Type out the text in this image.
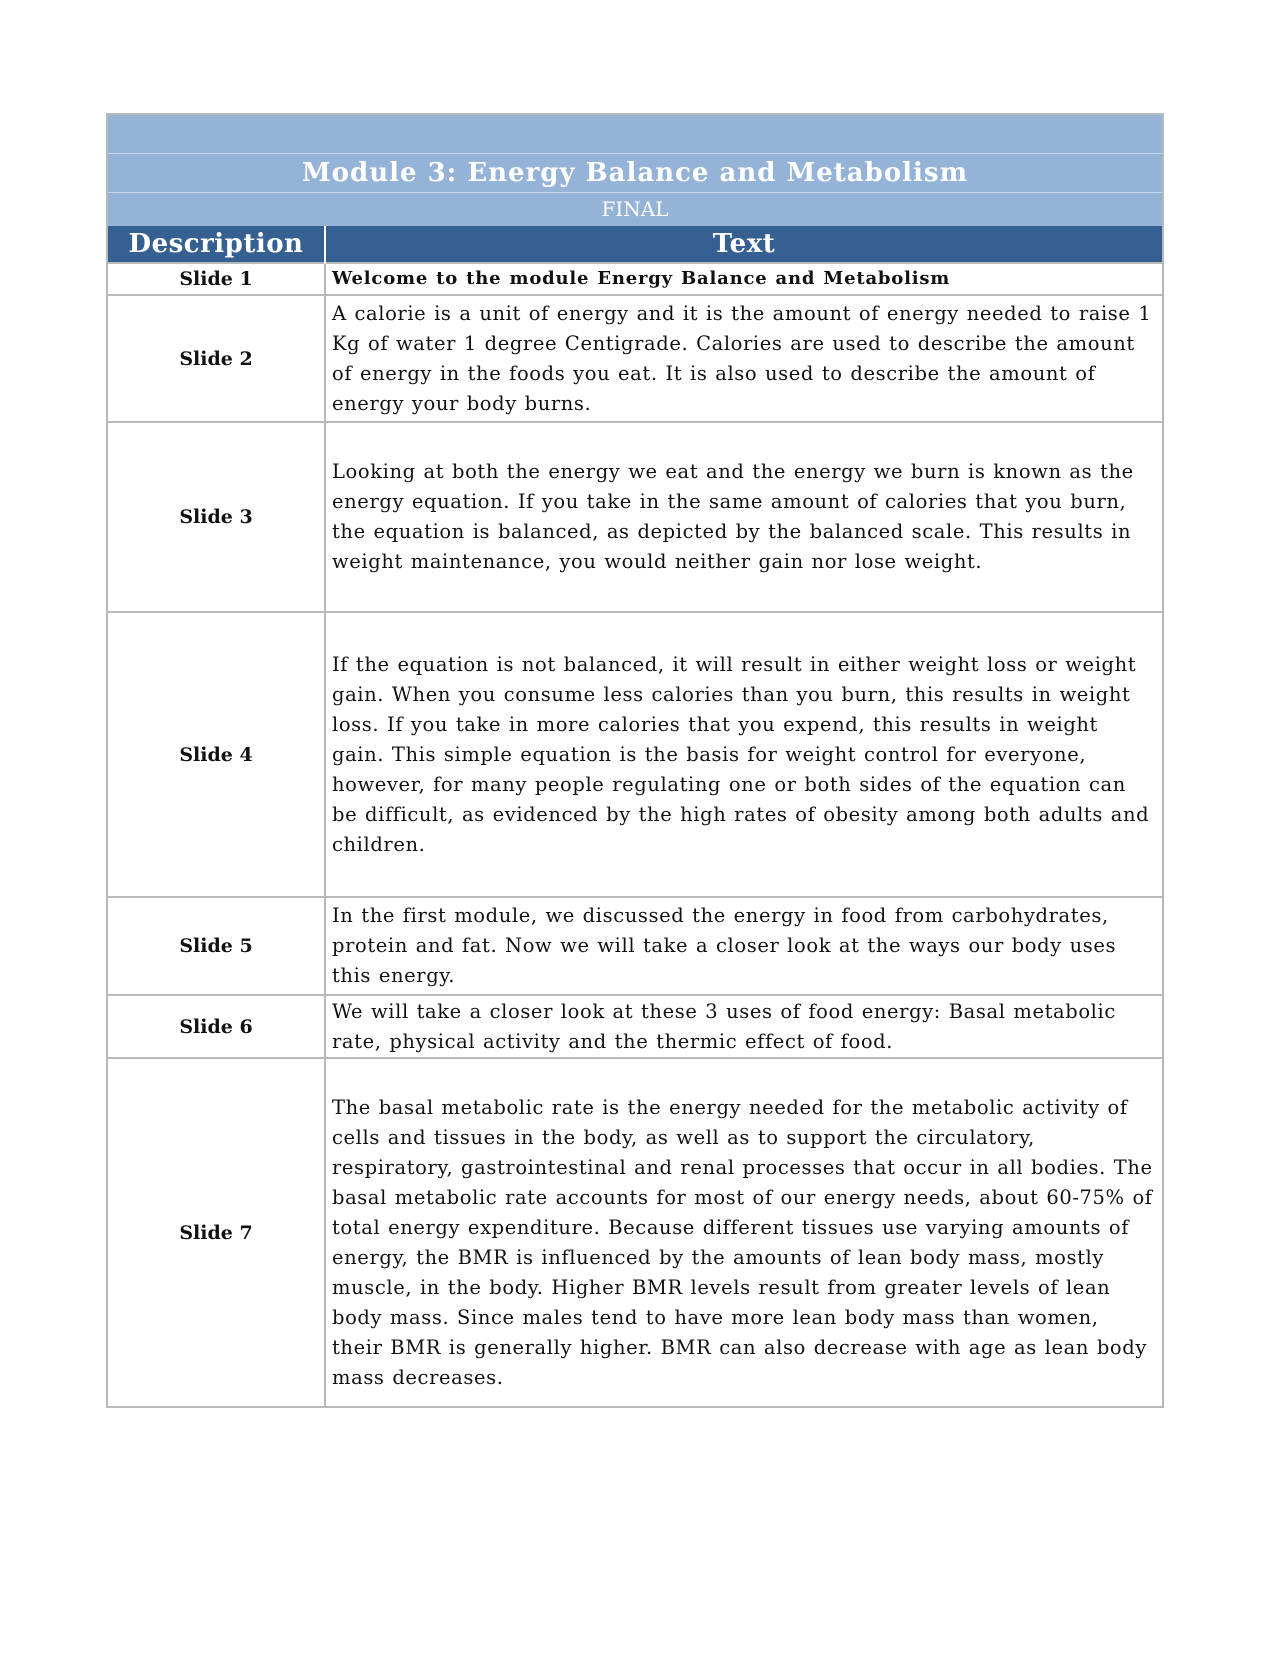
Module 3: Energy Balance and Metabolism
FINAL
Description	Text
Slide 1	Welcome to the module Energy Balance and Metabolism
Slide 2	A calorie is a unit of energy and it is the amount of energy needed to raise 1 Kg of water 1 degree Centigrade. Calories are used to describe the amount of energy in the foods you eat. It is also used to describe the amount of energy your body burns.
Slide 3	Looking at both the energy we eat and the energy we burn is known as the energy equation. If you take in the same amount of calories that you burn, the equation is balanced, as depicted by the balanced scale. This results in weight maintenance, you would neither gain nor lose weight.
Slide 4	If the equation is not balanced, it will result in either weight loss or weight gain. When you consume less calories than you burn, this results in weight loss. If you take in more calories that you expend, this results in weight gain. This simple equation is the basis for weight control for everyone, however, for many people regulating one or both sides of the equation can be difficult, as evidenced by the high rates of obesity among both adults and children.
Slide 5	In the first module, we discussed the energy in food from carbohydrates, protein and fat. Now we will take a closer look at the ways our body uses this energy.
Slide 6	We will take a closer look at these 3 uses of food energy: Basal metabolic rate, physical activity and the thermic effect of food.
Slide 7	The basal metabolic rate is the energy needed for the metabolic activity of cells and tissues in the body, as well as to support the circulatory, respiratory, gastrointestinal and renal processes that occur in all bodies. The basal metabolic rate accounts for most of our energy needs, about 60-75% of total energy expenditure. Because different tissues use varying amounts of energy, the BMR is influenced by the amounts of lean body mass, mostly muscle, in the body. Higher BMR levels result from greater levels of lean body mass. Since males tend to have more lean body mass than women, their BMR is generally higher. BMR can also decrease with age as lean body mass decreases.
